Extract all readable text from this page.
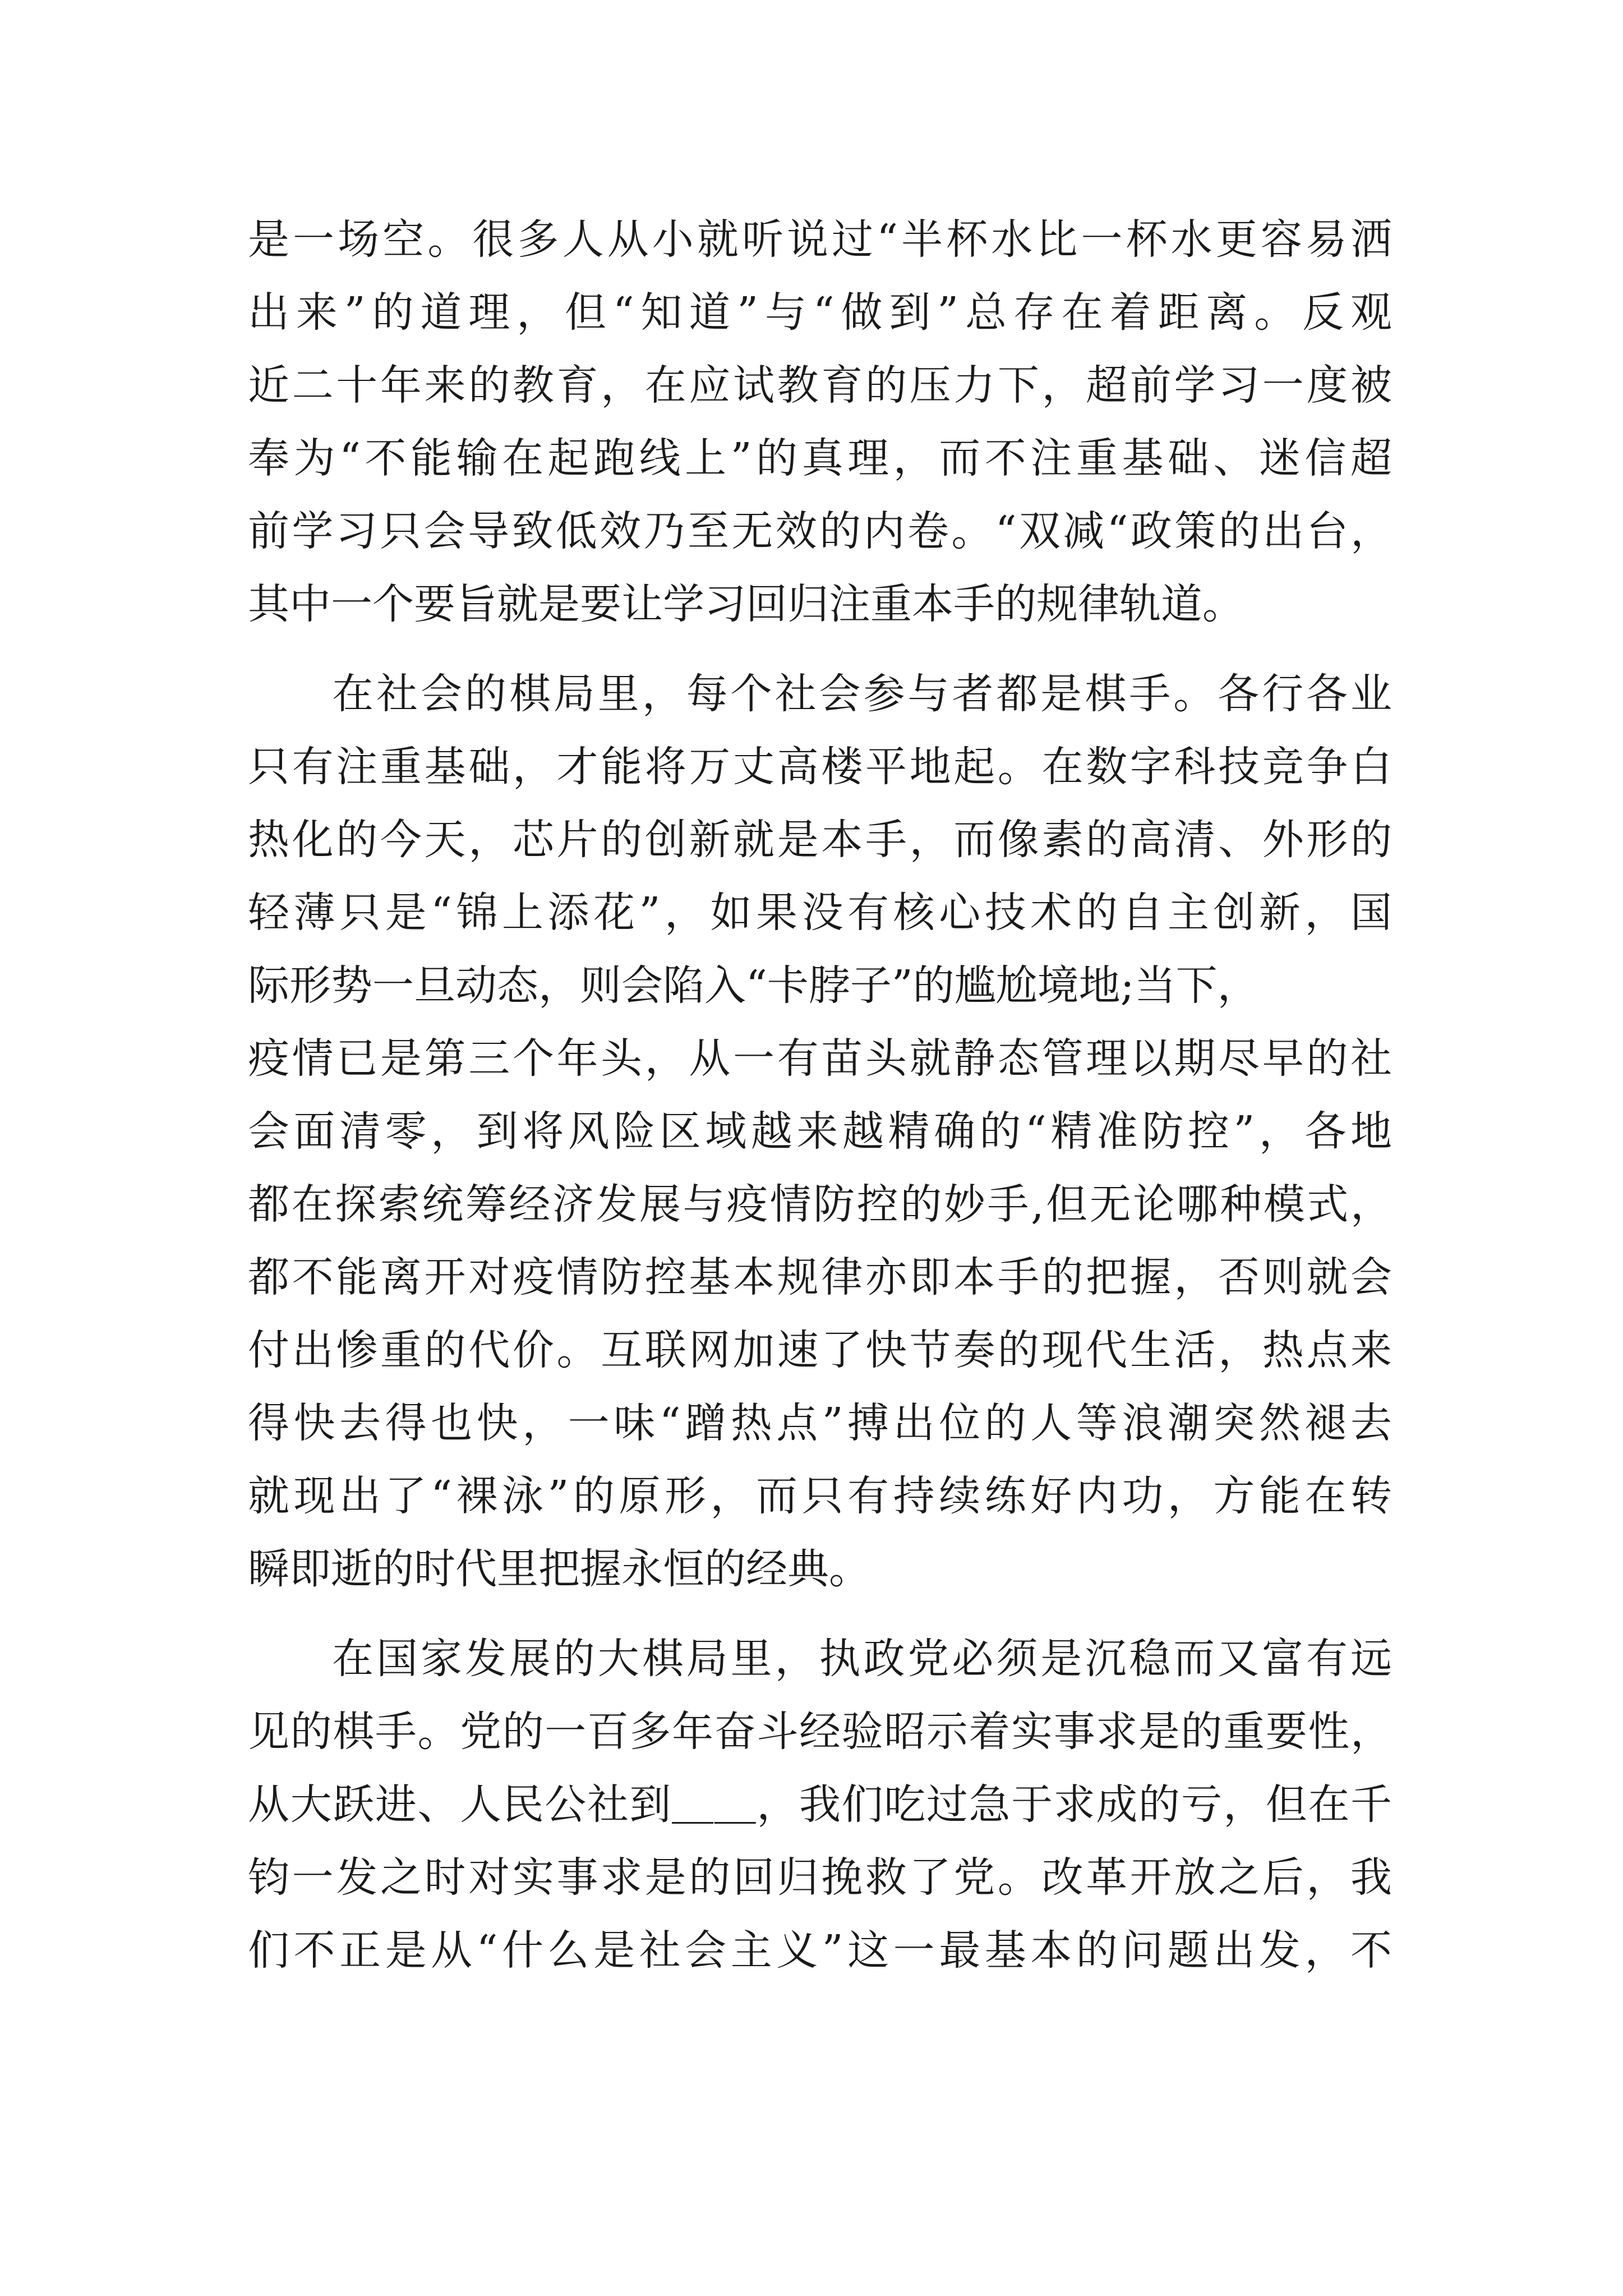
是一场空。很多人从小就听说过“半杯水比一杯水更容易洒
出来”的道理，但“知道”与“做到”总存在着距离。反观
近二十年来的教育，在应试教育的压力下，超前学习一度被
奉为“不能输在起跑线上”的真理，而不注重基础、迷信超
前学习只会导致低效乃至无效的内卷。“双减“政策的出台，
其中一个要旨就是要让学习回归注重本手的规律轨道。
在社会的棋局里，每个社会参与者都是棋手。各行各业
只有注重基础，才能将万丈高楼平地起。在数字科技竞争白
热化的今天，芯片的创新就是本手，而像素的高清、外形的
轻薄只是“锦上添花”，如果没有核心技术的自主创新，国
际形势一旦动态，则会陷入“卡脖子”的尴尬境地;当下，
疫情已是第三个年头，从一有苗头就静态管理以期尽早的社
会面清零，到将风险区域越来越精确的“精准防控”，各地
都在探索统筹经济发展与疫情防控的妙手,但无论哪种模式，
都不能离开对疫情防控基本规律亦即本手的把握，否则就会
付出惨重的代价。互联网加速了快节奏的现代生活，热点来
得快去得也快，一味“蹭热点”搏出位的人等浪潮突然褪去
就现出了“裸泳”的原形，而只有持续练好内功，方能在转
瞬即逝的时代里把握永恒的经典。
在国家发展的大棋局里，执政党必须是沉稳而又富有远
见的棋手。党的一百多年奋斗经验昭示着实事求是的重要性，
从大跃进、人民公社到＿＿，我们吃过急于求成的亏，但在千
钧一发之时对实事求是的回归挽救了党。改革开放之后，我
们不正是从“什么是社会主义”这一最基本的问题出发，不
